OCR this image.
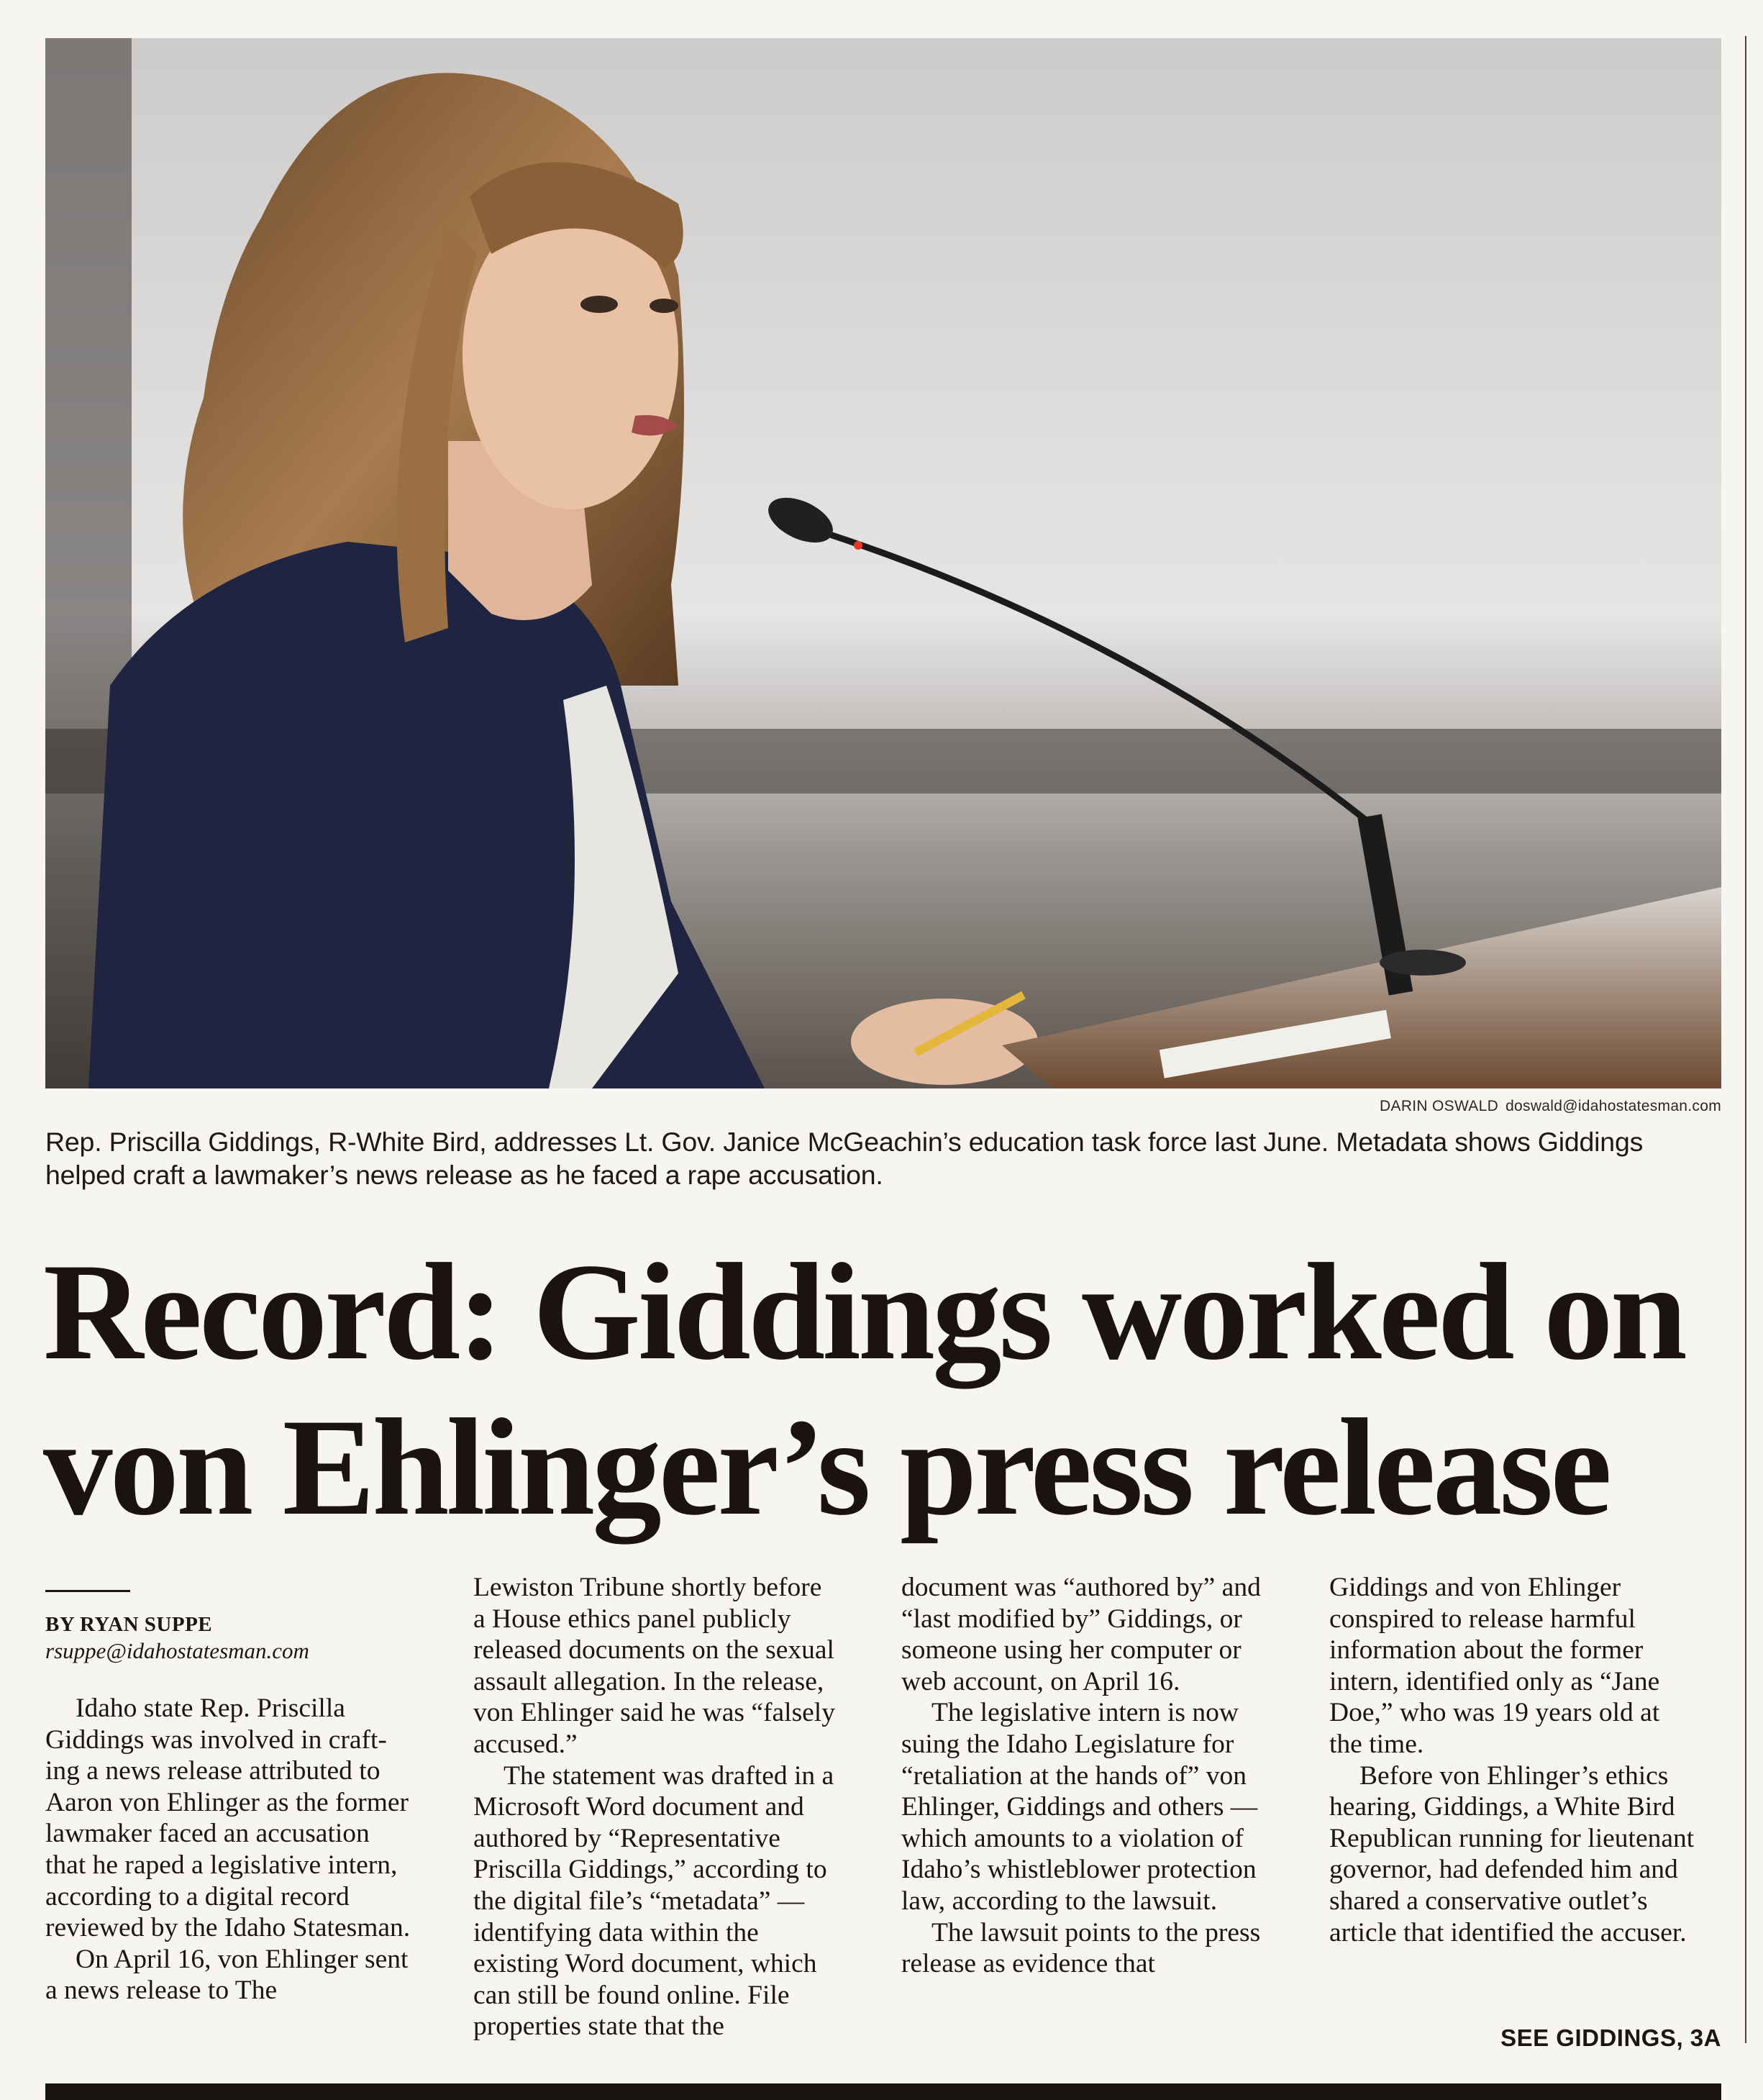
DARIN OSWALD doswald@idahostatesman.com
Rep. Priscilla Giddings, R-White Bird, addresses Lt. Gov. Janice McGeachin’s education task force last June. Metadata shows Giddings helped craft a lawmaker’s news release as he faced a rape accusation.
Record: Giddings worked on
von Ehlinger’s press release
BY RYAN SUPPE
rsuppe@idahostatesman.com

Idaho state Rep. Priscilla Giddings was involved in crafting a news release attributed to Aaron von Ehlinger as the former lawmaker faced an accusation that he raped a legislative intern, according to a digital record reviewed by the Idaho Statesman.

On April 16, von Ehlinger sent a news release to The

Lewiston Tribune shortly before a House ethics panel publicly released documents on the sexual assault allegation. In the release, von Ehlinger said he was “falsely accused.”

The statement was drafted in a Microsoft Word document and authored by “Representative Priscilla Giddings,” according to the digital file’s “metadata” — identifying data within the existing Word document, which can still be found online. File properties state that the

document was “authored by” and “last modified by” Giddings, or someone using her computer or web account, on April 16.

The legislative intern is now suing the Idaho Legislature for “retaliation at the hands of” von Ehlinger, Giddings and others — which amounts to a violation of Idaho’s whistleblower protection law, according to the lawsuit.

The lawsuit points to the press release as evidence that

Giddings and von Ehlinger conspired to release harmful information about the former intern, identified only as “Jane Doe,” who was 19 years old at the time.

Before von Ehlinger’s ethics hearing, Giddings, a White Bird Republican running for lieutenant governor, had defended him and shared a conservative outlet’s article that identified the accuser.

SEE GIDDINGS, 3A
